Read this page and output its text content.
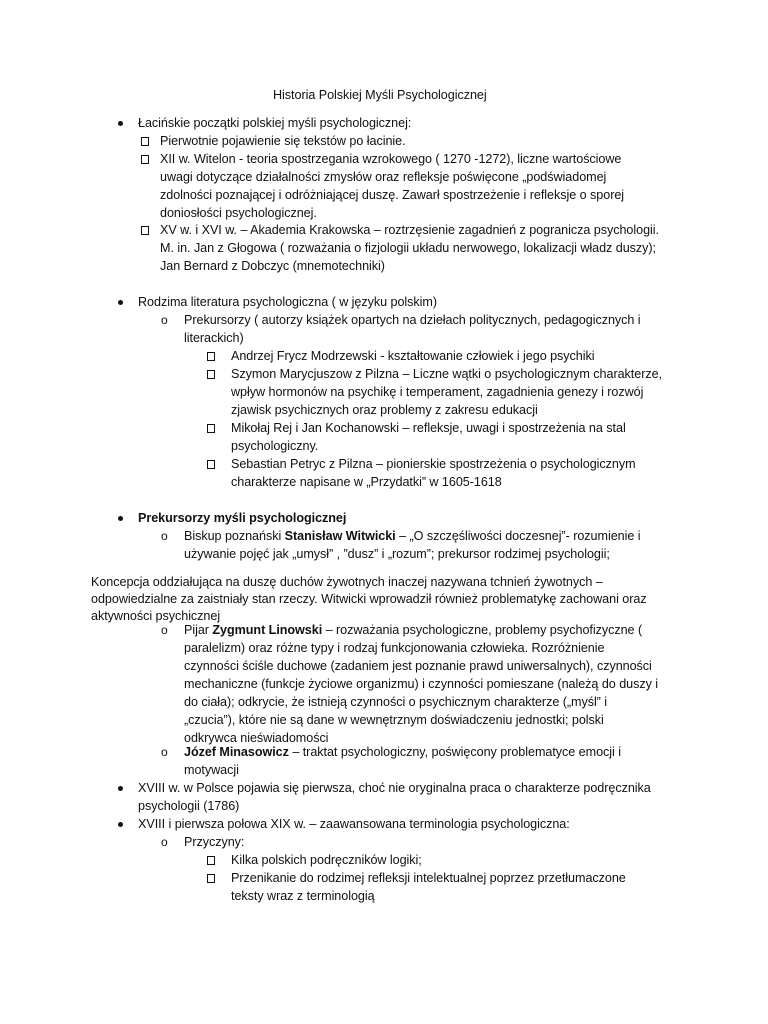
Historia Polskiej Myśli Psychologicznej
Łacińskie początki polskiej myśli psychologicznej:
Pierwotnie pojawienie się tekstów po łacinie.
XII w. Witelon - teoria spostrzegania wzrokowego ( 1270 -1272), liczne wartościowe
uwagi dotyczące działalności zmysłów oraz refleksje poświęcone „podświadomej
zdolności poznającej i odróżniającej duszę. Zawarł spostrzeżenie i refleksje o sporej
doniosłości psychologicznej.
XV w. i XVI w. – Akademia Krakowska – roztrzęsienie zagadnień z pogranicza psychologii.
M. in. Jan z Głogowa ( rozważania o fizjologii układu nerwowego, lokalizacji władz duszy);
Jan Bernard z Dobczyc (mnemotechniki)
Rodzima literatura psychologiczna ( w języku polskim)
o Prekursorzy ( autorzy książek opartych na dziełach politycznych, pedagogicznych i
literackich)
Andrzej Frycz Modrzewski - kształtowanie człowiek i jego psychiki
Szymon Marycjuszow z Pilzna – Liczne wątki o psychologicznym charakterze,
wpływ hormonów na psychikę i temperament, zagadnienia genezy i rozwój
zjawisk psychicznych oraz problemy z zakresu edukacji
Mikołaj Rej i Jan Kochanowski – refleksje, uwagi i spostrzeżenia na stal
psychologiczny.
Sebastian Petryc z Pilzna – pionierskie spostrzeżenia o psychologicznym
charakterze napisane w „Przydatki” w 1605-1618
Prekursorzy myśli psychologicznej
o Biskup poznański Stanisław Witwicki – „O szczęśliwości doczesnej”- rozumienie i
używanie pojęć jak „umysł” , ”dusz” i „rozum”; prekursor rodzimej psychologii;
Koncepcja oddziałująca na duszę duchów żywotnych inaczej nazywana tchnień żywotnych –
odpowiedzialne za zaistniały stan rzeczy. Witwicki wprowadził również problematykę zachowani oraz
aktywności psychicznej
o Pijar Zygmunt Linowski – rozważania psychologiczne, problemy psychofizyczne (
paralelizm) oraz różne typy i rodzaj funkcjonowania człowieka. Rozróżnienie
czynności ściśle duchowe (zadaniem jest poznanie prawd uniwersalnych), czynności
mechaniczne (funkcje życiowe organizmu) i czynności pomieszane (należą do duszy i
do ciała); odkrycie, że istnieją czynności o psychicznym charakterze („myśl” i
„czucia”), które nie są dane w wewnętrznym doświadczeniu jednostki; polski
odkrywca nieświadomości
o Józef Minasowicz – traktat psychologiczny, poświęcony problematyce emocji i
motywacji
XVIII w. w Polsce pojawia się pierwsza, choć nie oryginalna praca o charakterze podręcznika
psychologii (1786)
XVIII i pierwsza połowa XIX w. – zaawansowana terminologia psychologiczna:
o Przyczyny:
Kilka polskich podręczników logiki;
Przenikanie do rodzimej refleksji intelektualnej poprzez przetłumaczone
teksty wraz z terminologią
